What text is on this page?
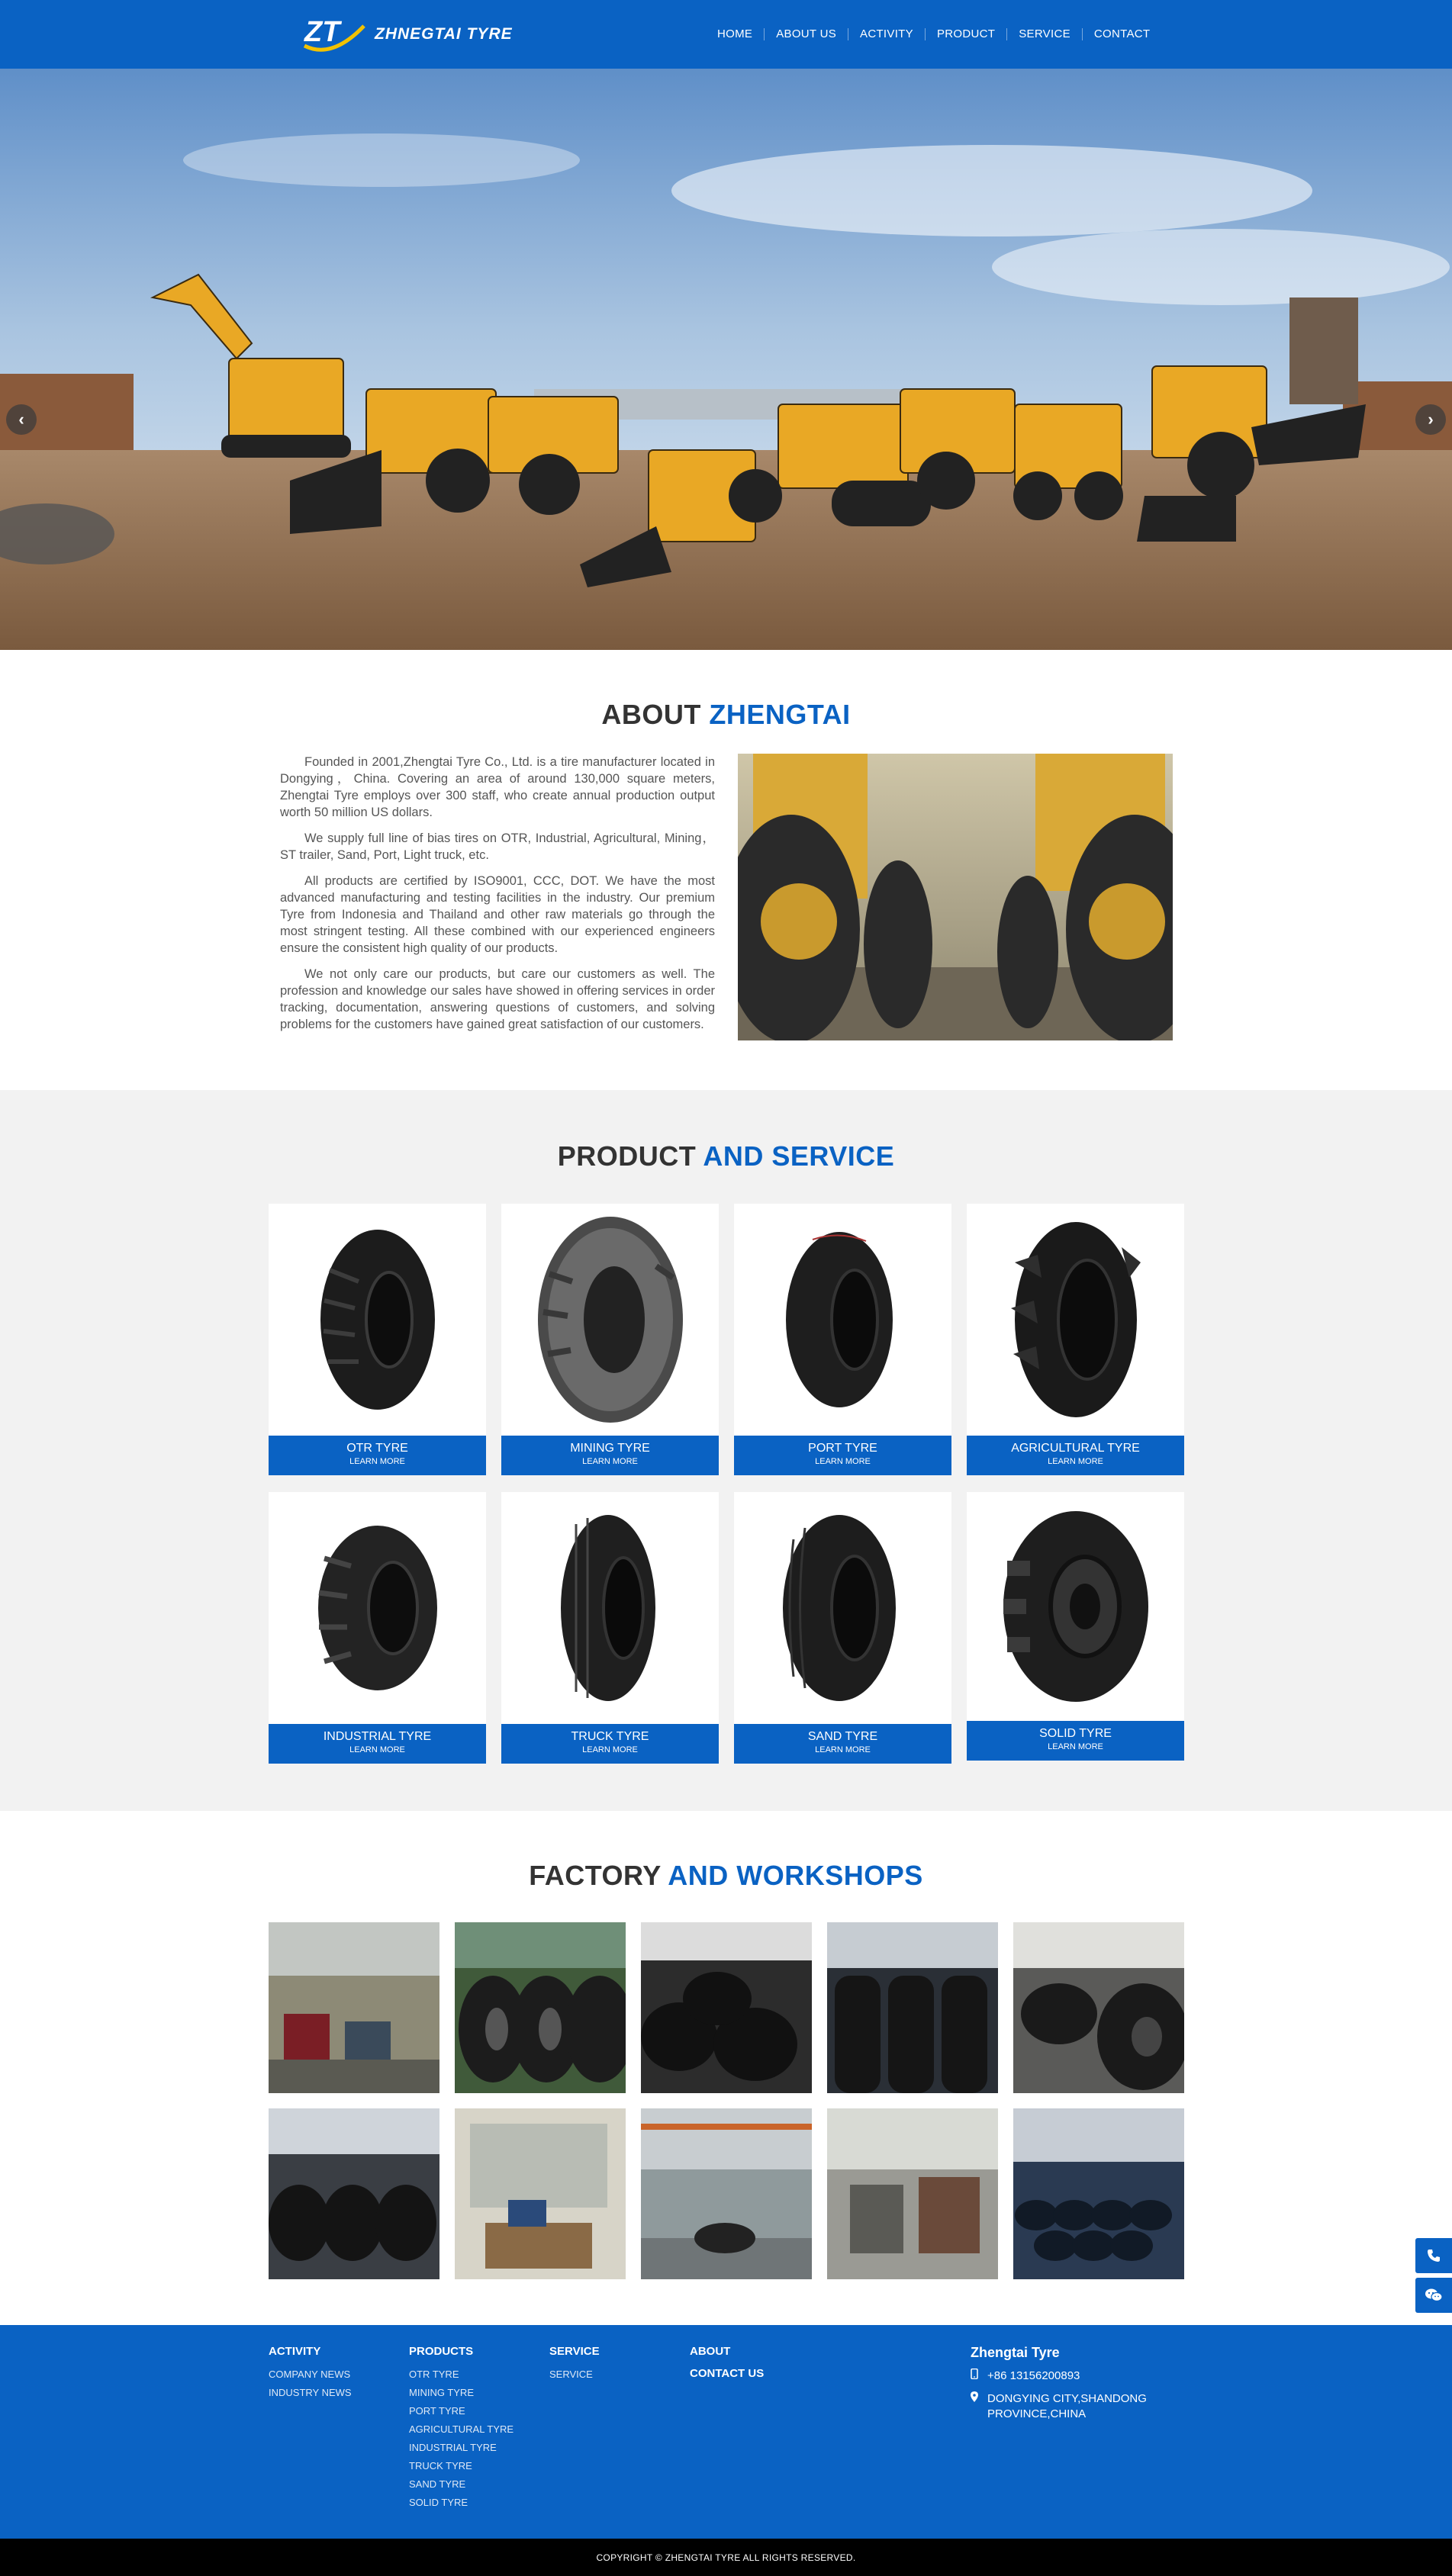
ZT ZHNEGTAI TYRE	HOME	ABOUT US	ACTIVITY	PRODUCT	SERVICE	CONTACT
‹	›
ABOUT ZHENGTAI

Founded in 2001,Zhengtai Tyre Co., Ltd. is a tire manufacturer located in Dongying，China. Covering an area of around 130,000 square meters, Zhengtai Tyre employs over 300 staff, who create annual production output worth 50 million US dollars.

We supply full line of bias tires on OTR, Industrial, Agricultural, Mining，ST trailer, Sand, Port, Light truck, etc.

All products are certified by ISO9001, CCC, DOT. We have the most advanced manufacturing and testing facilities in the industry. Our premium Tyre from Indonesia and Thailand and other raw materials go through the most stringent testing. All these combined with our experienced engineers ensure the consistent high quality of our products.

We not only care our products, but care our customers as well. The profession and knowledge our sales have showed in offering services in order tracking, documentation, answering questions of customers, and solving problems for the customers have gained great satisfaction of our customers.

PRODUCT AND SERVICE
OTR TYRE
LEARN MORE
MINING TYRE
LEARN MORE
PORT TYRE
LEARN MORE
AGRICULTURAL TYRE
LEARN MORE
INDUSTRIAL TYRE
LEARN MORE
TRUCK TYRE
LEARN MORE
SAND TYRE
LEARN MORE
SOLID TYRE
LEARN MORE
FACTORY AND WORKSHOPS
ACTIVITY
COMPANY NEWS
INDUSTRY NEWS
PRODUCTS
OTR TYRE
MINING TYRE
PORT TYRE
AGRICULTURAL TYRE
INDUSTRIAL TYRE
TRUCK TYRE
SAND TYRE
SOLID TYRE
SERVICE
SERVICE
ABOUT
CONTACT US
Zhengtai Tyre
+86 13156200893
DONGYING CITY,SHANDONG
PROVINCE,CHINA
COPYRIGHT © ZHENGTAI TYRE ALL RIGHTS RESERVED.
